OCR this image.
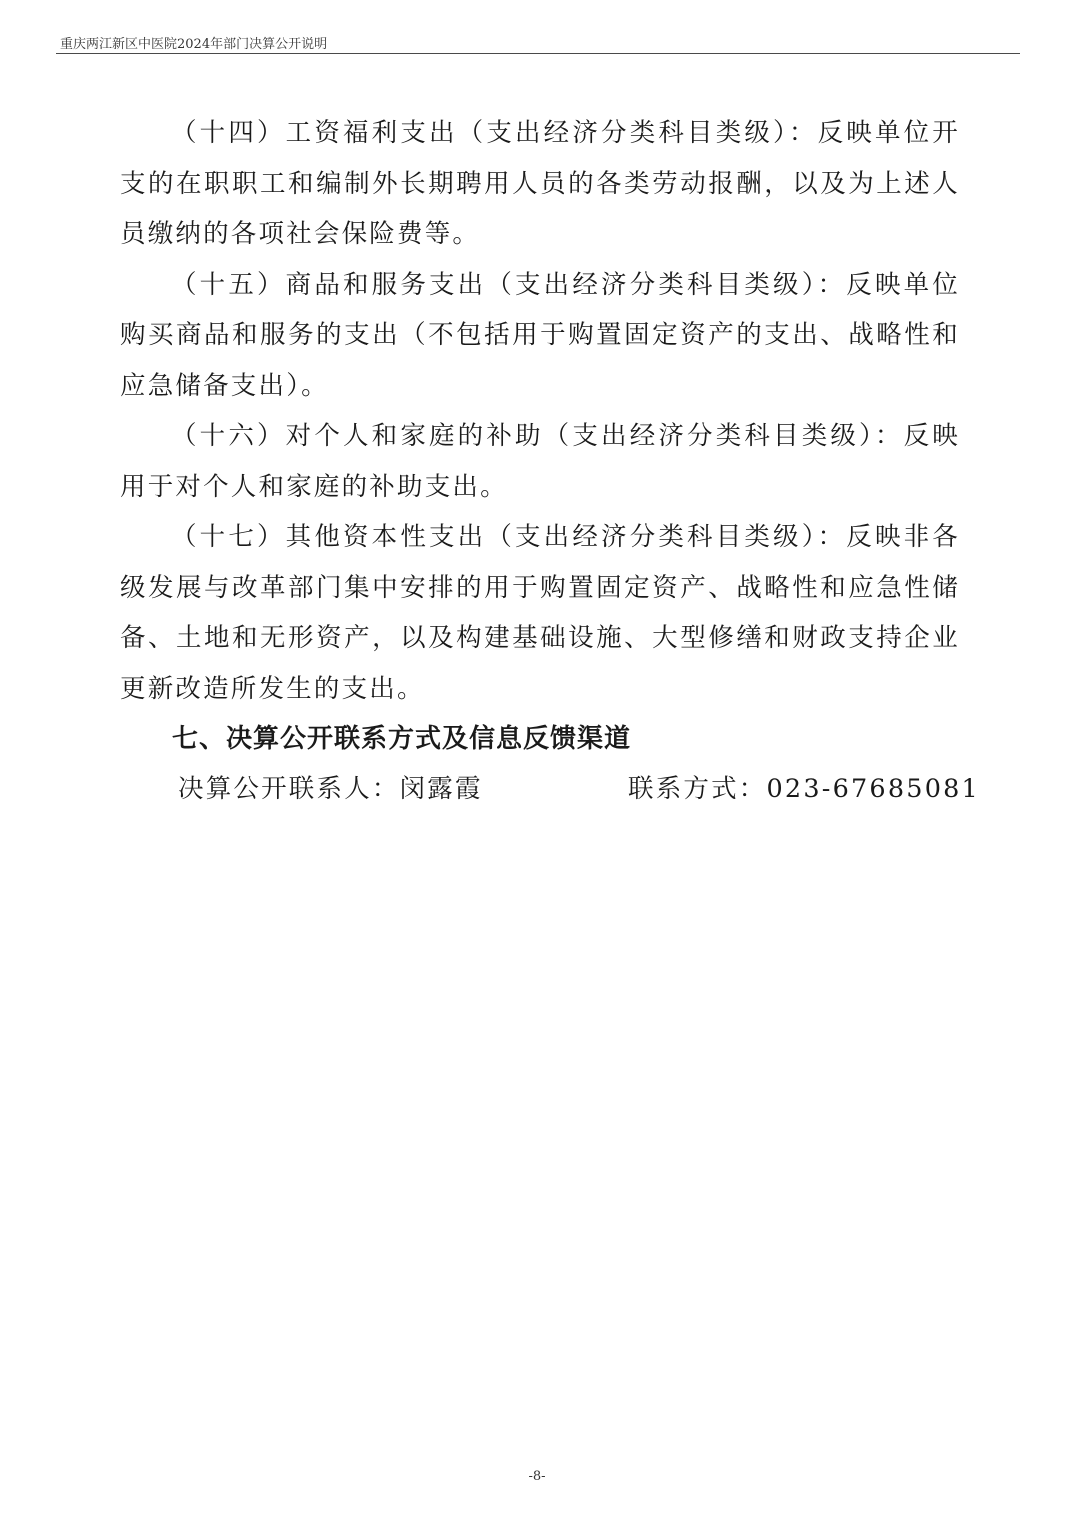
重庆两江新区中医院2024年部门决算公开说明

（十四）工资福利支出（支出经济分类科目类级）：反映单位开支的在职职工和编制外长期聘用人员的各类劳动报酬，以及为上述人员缴纳的各项社会保险费等。

（十五）商品和服务支出（支出经济分类科目类级）：反映单位购买商品和服务的支出（不包括用于购置固定资产的支出、战略性和应急储备支出）。

（十六）对个人和家庭的补助（支出经济分类科目类级）：反映用于对个人和家庭的补助支出。

（十七）其他资本性支出（支出经济分类科目类级）：反映非各级发展与改革部门集中安排的用于购置固定资产、战略性和应急性储备、土地和无形资产，以及构建基础设施、大型修缮和财政支持企业更新改造所发生的支出。

七、决算公开联系方式及信息反馈渠道
决算公开联系人：闵露霞	联系方式：023-67685081
-8-
